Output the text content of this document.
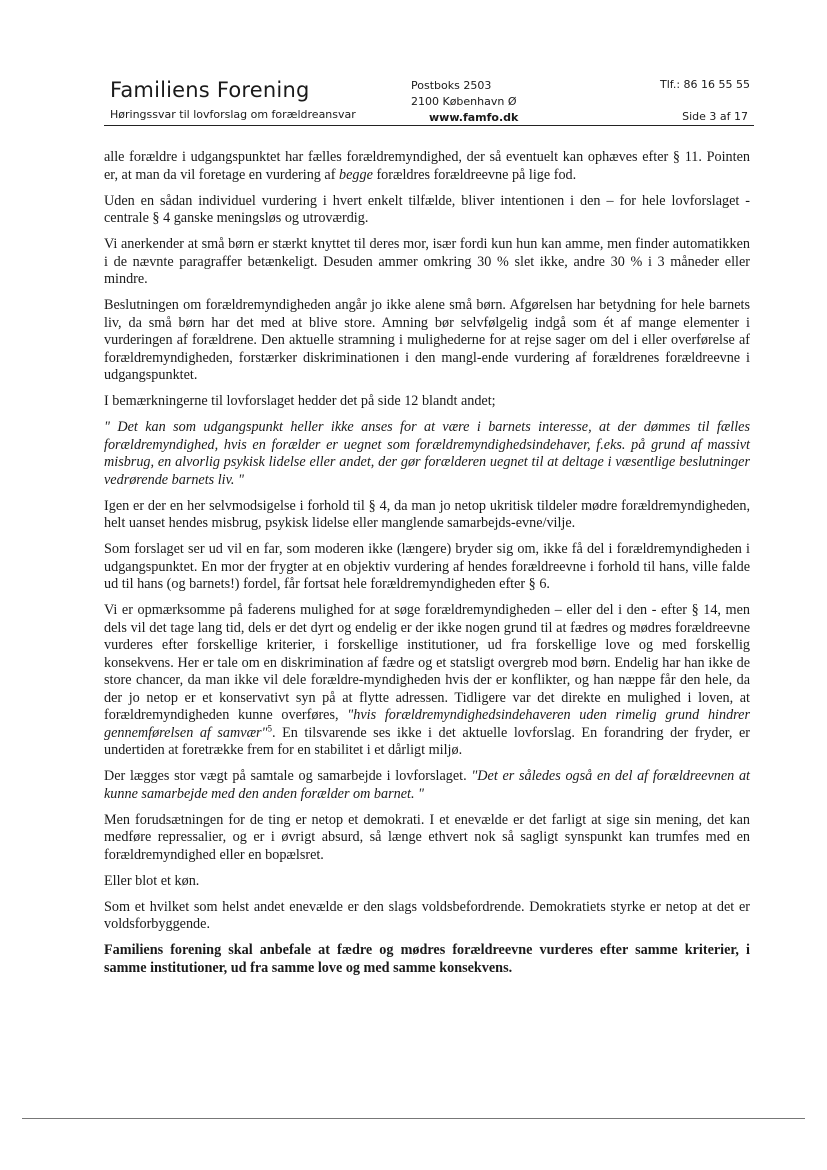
Familiens Forening
Høringssvar til lovforslag om forældreansvar
Postboks 2503
2100 København Ø
www.famfo.dk
Tlf.: 86 16 55 55
Side 3 af 17

alle forældre i udgangspunktet har fælles forældremyndighed, der så eventuelt kan ophæves efter § 11. Pointen er, at man da vil foretage en vurdering af begge forældres forældreevne på lige fod.

Uden en sådan individuel vurdering i hvert enkelt tilfælde, bliver intentionen i den – for hele lovforslaget - centrale § 4 ganske meningsløs og utroværdig.

Vi anerkender at små børn er stærkt knyttet til deres mor, især fordi kun hun kan amme, men finder automatikken i de nævnte paragraffer betænkeligt. Desuden ammer omkring 30 % slet ikke, andre 30 % i 3 måneder eller mindre.

Beslutningen om forældremyndigheden angår jo ikke alene små børn. Afgørelsen har betydning for hele barnets liv, da små børn har det med at blive store. Amning bør selvfølgelig indgå som ét af mange elementer i vurderingen af forældrene. Den aktuelle stramning i mulighederne for at rejse sager om del i eller overførelse af forældremyndigheden, forstærker diskriminationen i den mangl-ende vurdering af forældrenes forældreevne i udgangspunktet.

I bemærkningerne til lovforslaget hedder det på side 12 blandt andet;

" Det kan som udgangspunkt heller ikke anses for at være i barnets interesse, at der dømmes til fælles forældremyndighed, hvis en forælder er uegnet som forældremyndighedsindehaver, f.eks. på grund af massivt misbrug, en alvorlig psykisk lidelse eller andet, der gør forælderen uegnet til at deltage i væsentlige beslutninger vedrørende barnets liv. "

Igen er der en her selvmodsigelse i forhold til § 4, da man jo netop ukritisk tildeler mødre forældremyndigheden, helt uanset hendes misbrug, psykisk lidelse eller manglende samarbejds-evne/vilje.

Som forslaget ser ud vil en far, som moderen ikke (længere) bryder sig om, ikke få del i forældremyndigheden i udgangspunktet. En mor der frygter at en objektiv vurdering af hendes forældreevne i forhold til hans, ville falde ud til hans (og barnets!) fordel, får fortsat hele forældremyndigheden efter § 6.

Vi er opmærksomme på faderens mulighed for at søge forældremyndigheden – eller del i den - efter § 14, men dels vil det tage lang tid, dels er det dyrt og endelig er der ikke nogen grund til at fædres og mødres forældreevne vurderes efter forskellige kriterier, i forskellige institutioner, ud fra forskellige love og med forskellig konsekvens. Her er tale om en diskrimination af fædre og et statsligt overgreb mod børn. Endelig har han ikke de store chancer, da man ikke vil dele forældre-myndigheden hvis der er konflikter, og han næppe får den hele, da der jo netop er et konservativt syn på at flytte adressen. Tidligere var det direkte en mulighed i loven, at forældremyndigheden kunne overføres, "hvis forældremyndighedsindehaveren uden rimelig grund hindrer gennemførelsen af samvær"$^5$. En tilsvarende ses ikke i det aktuelle lovforslag. En forandring der fryder, er undertiden at foretrække frem for en stabilitet i et dårligt miljø.

Der lægges stor vægt på samtale og samarbejde i lovforslaget. "Det er således også en del af forældreevnen at kunne samarbejde med den anden forælder om barnet. "

Men forudsætningen for de ting er netop et demokrati. I et enevælde er det farligt at sige sin mening, det kan medføre repressalier, og er i øvrigt absurd, så længe ethvert nok så sagligt synspunkt kan trumfes med en forældremyndighed eller en bopælsret.

Eller blot et køn.

Som et hvilket som helst andet enevælde er den slags voldsbefordrende. Demokratiets styrke er netop at det er voldsforbyggende.

Familiens forening skal anbefale at fædre og mødres forældreevne vurderes efter samme kriterier, i samme institutioner, ud fra samme love og med samme konsekvens.
